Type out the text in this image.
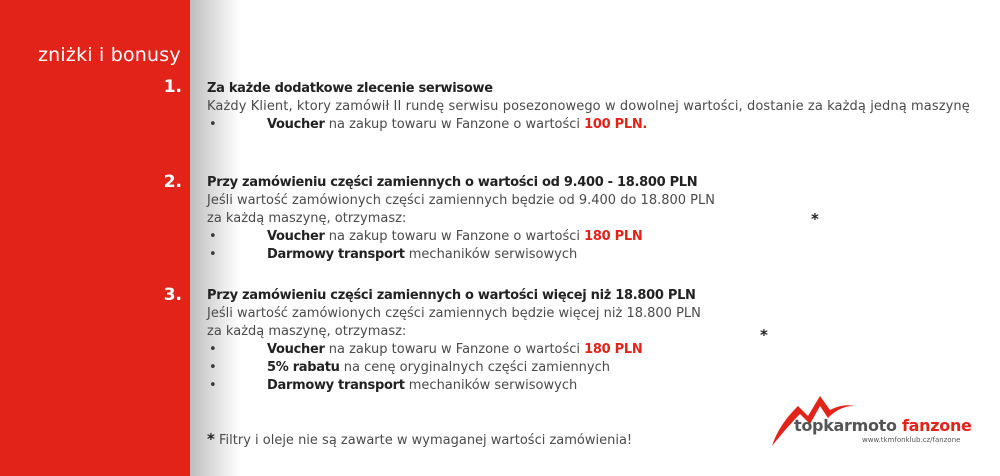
zniżki i bonusy
1. Za każde dodatkowe zlecenie serwisowe
Każdy Klient, ktory zamówił II rundę serwisu posezonowego w dowolnej wartości, dostanie za każdą jedną maszynę
•	Voucher na zakup towaru w Fanzone o wartości 100 PLN.
2. Przy zamówieniu części zamiennych o wartości od 9.400 - 18.800 PLN
Jeśli wartość zamówionych części zamiennych będzie od 9.400 do 18.800 PLN
za każdą maszynę, otrzymasz:
•	Voucher na zakup towaru w Fanzone o wartości 180 PLN
•	Darmowy transport mechaników serwisowych
*
3. Przy zamówieniu części zamiennych o wartości więcej niż 18.800 PLN
Jeśli wartość zamówionych części zamiennych będzie więcej niż 18.800 PLN
za każdą maszynę, otrzymasz:
•	Voucher na zakup towaru w Fanzone o wartości 180 PLN
•	5% rabatu na cenę oryginalnych części zamiennych
•	Darmowy transport mechaników serwisowych
*
* Filtry i oleje nie są zawarte w wymaganej wartości zamówienia!
topkarmoto fanzone
www.tkmfonklub.cz/fanzone
